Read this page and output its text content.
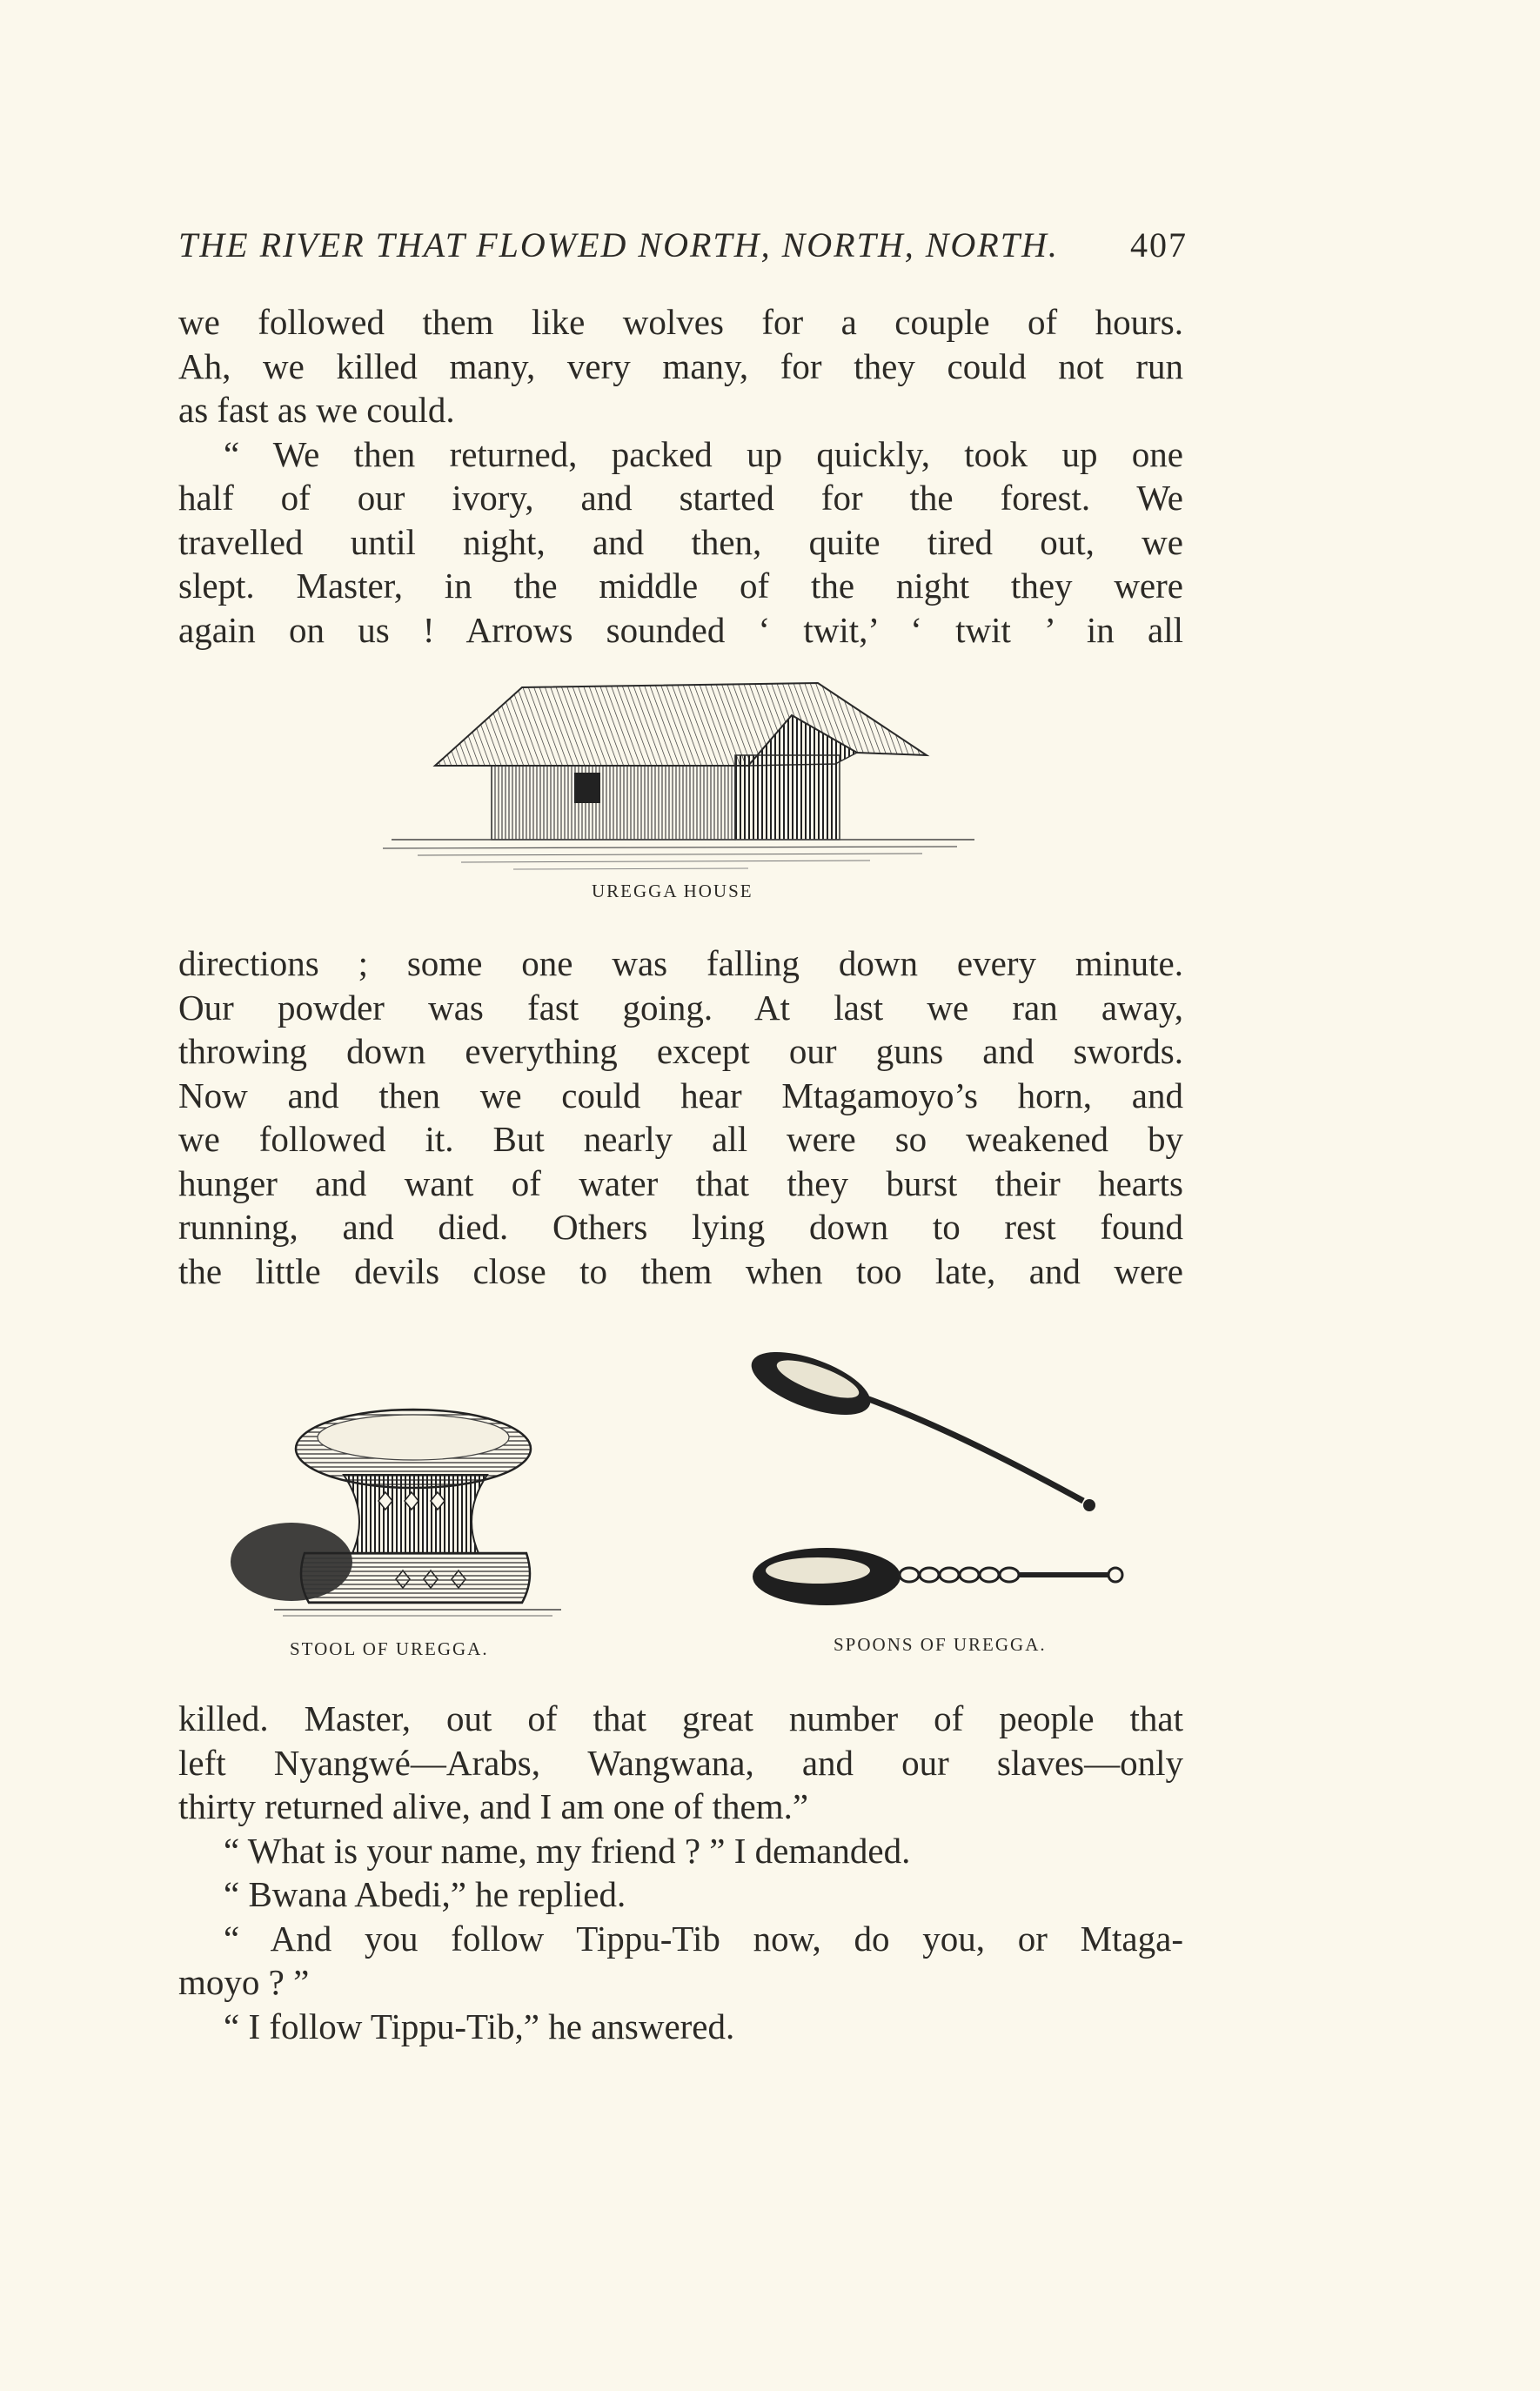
THE RIVER THAT FLOWED NORTH, NORTH, NORTH. 407
we followed them like wolves for a couple of hours.
Ah, we killed many, very many, for they could not run
as fast as we could.
“ We then returned, packed up quickly, took up one
half of our ivory, and started for the forest. We
travelled until night, and then, quite tired out, we
slept. Master, in the middle of the night they were
again on us ! Arrows sounded ‘ twit,’ ‘ twit ’ in all
UREGGA HOUSE
directions ; some one was falling down every minute.
Our powder was fast going. At last we ran away,
throwing down everything except our guns and swords.
Now and then we could hear Mtagamoyo’s horn, and
we followed it. But nearly all were so weakened by
hunger and want of water that they burst their hearts
running, and died. Others lying down to rest found
the little devils close to them when too late, and were
STOOL OF UREGGA.	SPOONS OF UREGGA.
killed. Master, out of that great number of people that
left Nyangwé—Arabs, Wangwana, and our slaves—only
thirty returned alive, and I am one of them.”
“ What is your name, my friend ? ” I demanded.
“ Bwana Abedi,” he replied.
“ And you follow Tippu-Tib now, do you, or Mtaga-
moyo ? ”
“ I follow Tippu-Tib,” he answered.
